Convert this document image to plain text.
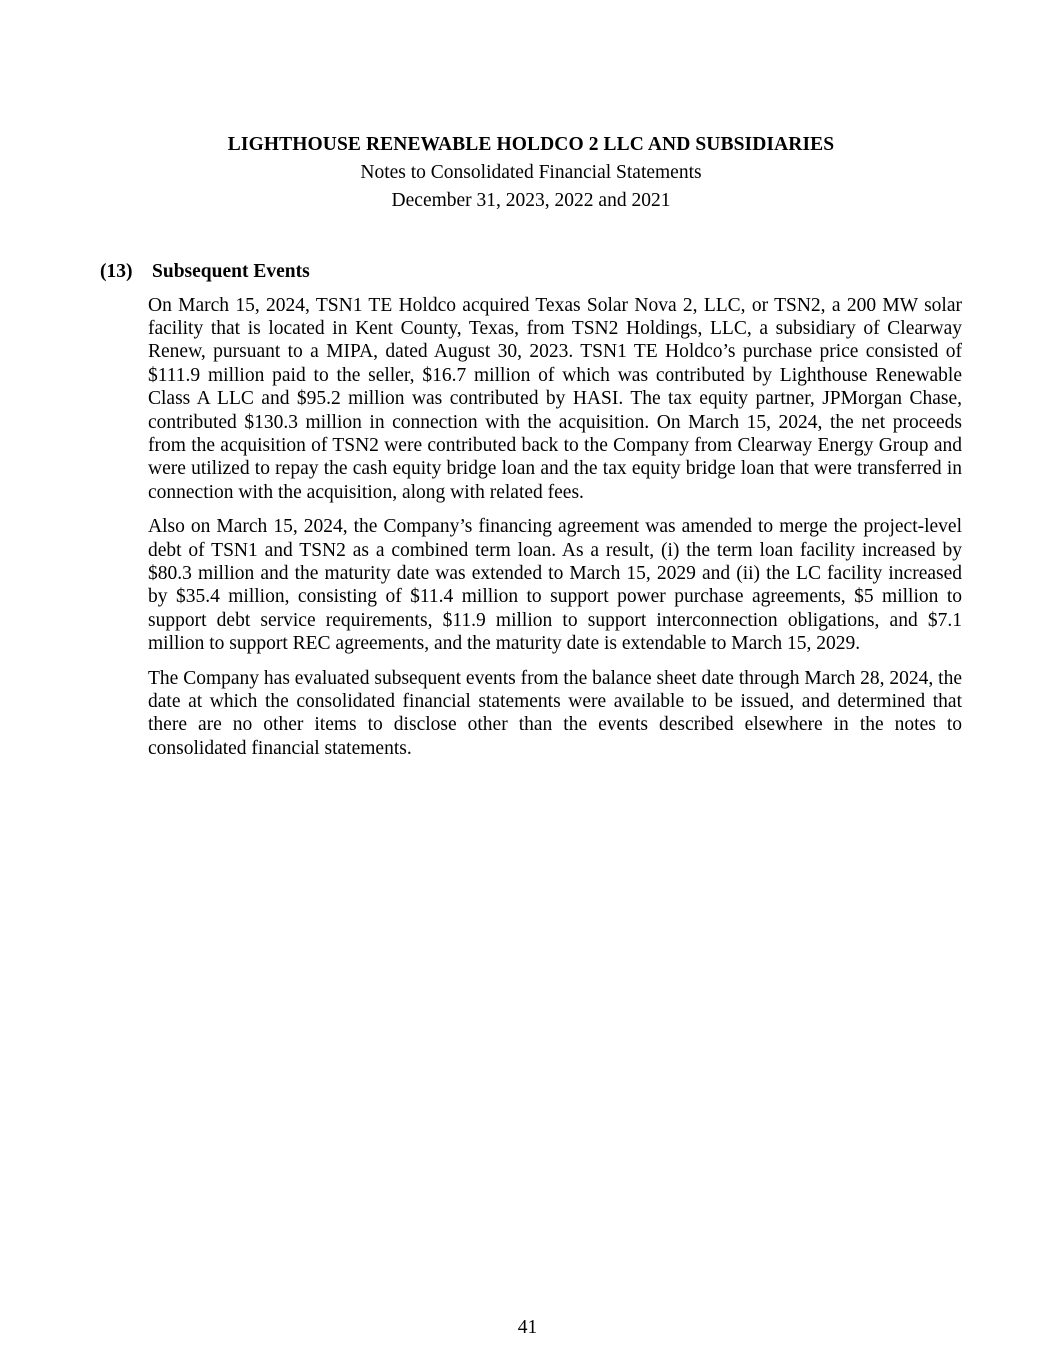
LIGHTHOUSE RENEWABLE HOLDCO 2 LLC AND SUBSIDIARIES
Notes to Consolidated Financial Statements
December 31, 2023, 2022 and 2021
(13)	Subsequent Events

On March 15, 2024, TSN1 TE Holdco acquired Texas Solar Nova 2, LLC, or TSN2, a 200 MW solar facility that is located in Kent County, Texas, from TSN2 Holdings, LLC, a subsidiary of Clearway Renew, pursuant to a MIPA, dated August 30, 2023. TSN1 TE Holdco’s purchase price consisted of $111.9 million paid to the seller, $16.7 million of which was contributed by Lighthouse Renewable Class A LLC and $95.2 million was contributed by HASI. The tax equity partner, JPMorgan Chase, contributed $130.3 million in connection with the acquisition. On March 15, 2024, the net proceeds from the acquisition of TSN2 were contributed back to the Company from Clearway Energy Group and were utilized to repay the cash equity bridge loan and the tax equity bridge loan that were transferred in connection with the acquisition, along with related fees.

Also on March 15, 2024, the Company’s financing agreement was amended to merge the project-level debt of TSN1 and TSN2 as a combined term loan. As a result, (i) the term loan facility increased by $80.3 million and the maturity date was extended to March 15, 2029 and (ii) the LC facility increased by $35.4 million, consisting of $11.4 million to support power purchase agreements, $5 million to support debt service requirements, $11.9 million to support interconnection obligations, and $7.1 million to support REC agreements, and the maturity date is extendable to March 15, 2029.

The Company has evaluated subsequent events from the balance sheet date through March 28, 2024, the date at which the consolidated financial statements were available to be issued, and determined that there are no other items to disclose other than the events described elsewhere in the notes to consolidated financial statements.

41
